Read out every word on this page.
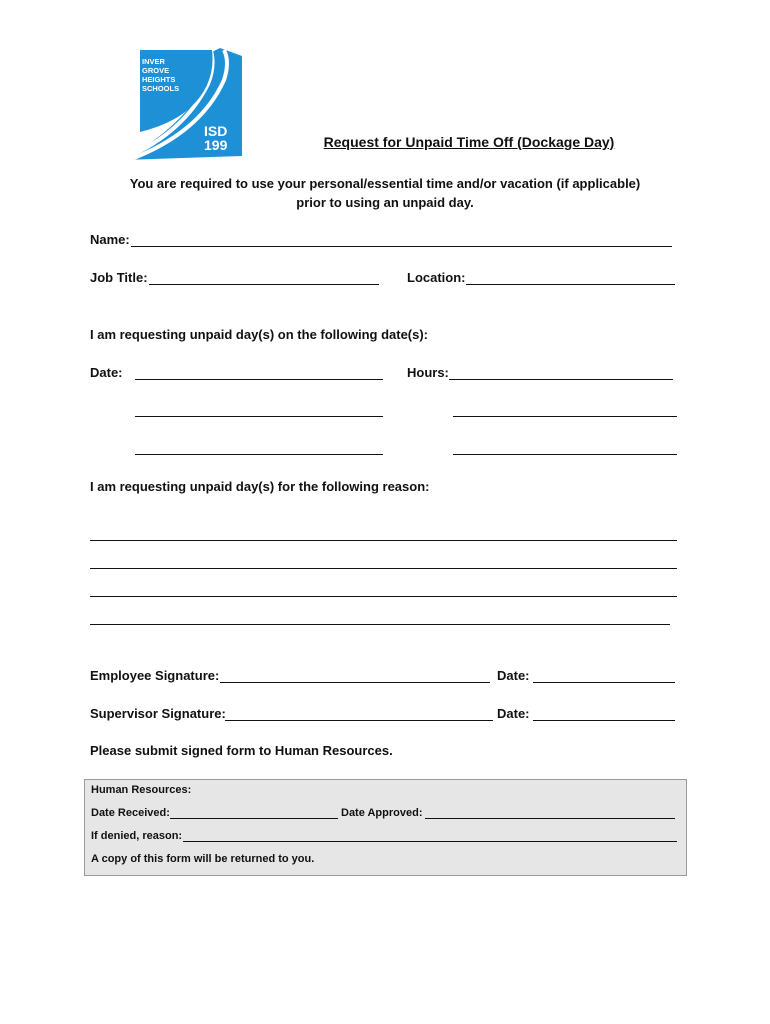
INVER
GROVE
HEIGHTS
SCHOOLS
ISD
199	Request for Unpaid Time Off (Dockage Day)
You are required to use your personal/essential time and/or vacation (if applicable)
prior to using an unpaid day.
Name:
Job Title:	Location:
I am requesting unpaid day(s) on the following date(s):
Date:	Hours:
I am requesting unpaid day(s) for the following reason:
Employee Signature:	Date:
Supervisor Signature:	Date:
Please submit signed form to Human Resources.
Human Resources:
Date Received:	Date Approved:
If denied, reason:
A copy of this form will be returned to you.
